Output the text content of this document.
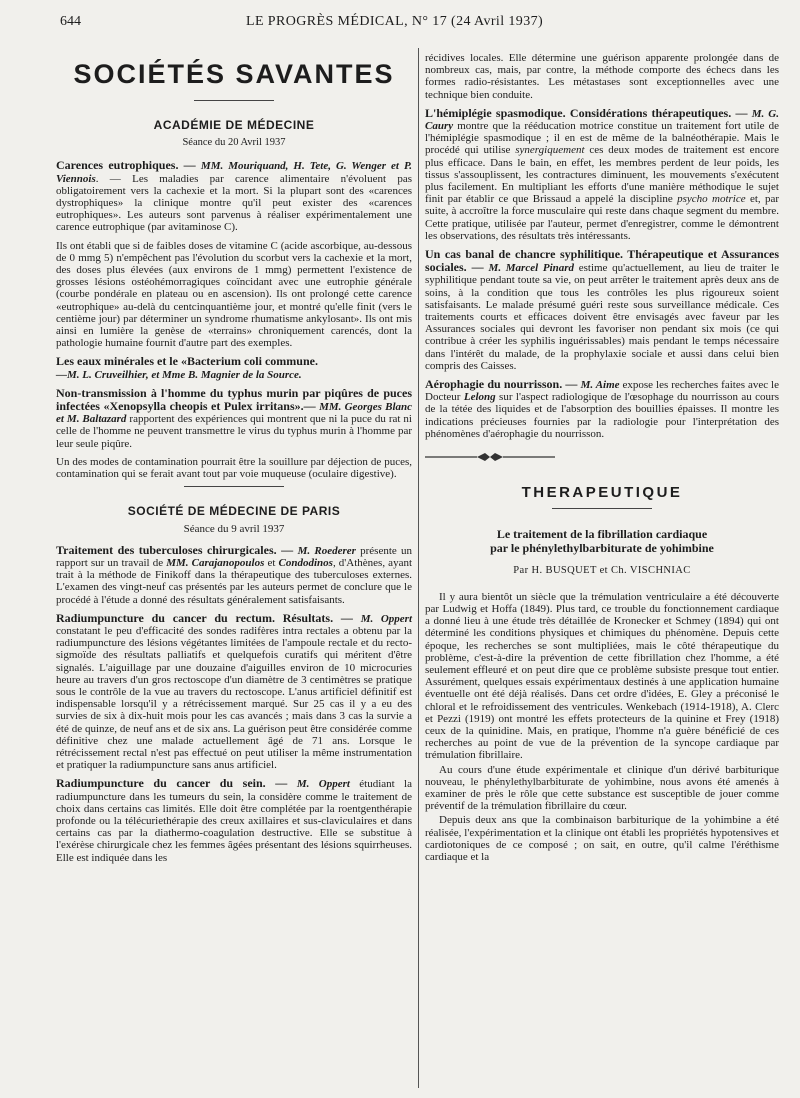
644	LE PROGRÈS MÉDICAL, N° 17 (24 Avril 1937)
SOCIÉTÉS SAVANTES
ACADÉMIE DE MÉDECINE
Séance du 20 Avril 1937

Carences eutrophiques. — MM. Mouriquand, H. Tete, G. Wenger et P. Viennois. — Les maladies par carence alimentaire n'évoluent pas obligatoirement vers la cachexie et la mort. Si la plupart sont des «carences dystrophiques» la clinique montre qu'il peut exister des «carences eutrophiques». Les auteurs sont parvenus à réaliser expérimentalement une carence eutrophique (par avitaminose C).

Ils ont établi que si de faibles doses de vitamine C (acide ascorbique, au-dessous de 0 mmg 5) n'empêchent pas l'évolution du scorbut vers la cachexie et la mort, des doses plus élevées (aux environs de 1 mmg) permettent l'existence de grosses lésions ostéohémorragiques coïncidant avec une eutrophie générale (courbe pondérale en plateau ou en ascension). Ils ont prolongé cette carence «eutrophique» au-delà du centcinquantième jour, et montré qu'elle finit (vers le centième jour) par déterminer un syndrome rhumatisme ankylosant». Ils ont mis ainsi en lumière la genèse de «terrains» chroniquement carencés, dont la pathologie humaine fournit d'autre part des exemples.

Les eaux minérales et le «Bacterium coli commune.
—M. L. Cruveilhier, et Mme B. Magnier de la Source.

Non-transmission à l'homme du typhus murin par piqûres de puces infectées «Xenopsylla cheopis et Pulex irritans».— MM. Georges Blanc et M. Baltazard rapportent des expériences qui montrent que ni la puce du rat ni celle de l'homme ne peuvent transmettre le virus du typhus murin à l'homme par leur seule piqûre.

Un des modes de contamination pourrait être la souillure par déjection de puces, contamination qui se ferait avant tout par voie muqueuse (oculaire digestive).

SOCIÉTÉ DE MÉDECINE DE PARIS
Séance du 9 avril 1937

Traitement des tuberculoses chirurgicales. — M. Roederer présente un rapport sur un travail de MM. Carajanopoulos et Condodinos, d'Athènes, ayant trait à la méthode de Finikoff dans la thérapeutique des tuberculoses externes. L'examen des vingt-neuf cas présentés par les auteurs permet de conclure que le procédé à l'étude a donné des résultats généralement satisfaisants.

Radiumpuncture du cancer du rectum. Résultats. — M. Oppert constatant le peu d'efficacité des sondes radifères intra rectales a obtenu par la radiumpuncture des lésions végétantes limitées de l'ampoule rectale et du recto-sigmoïde des résultats palliatifs et quelquefois curatifs qui méritent d'être signalés. L'aiguillage par une douzaine d'aiguilles environ de 10 microcuries heure au travers d'un gros rectoscope d'un diamètre de 3 centimètres se pratique sous le contrôle de la vue au travers du rectoscope. L'anus artificiel définitif est indispensable lorsqu'il y a rétrécissement marqué. Sur 25 cas il y a eu des survies de six à dix-huit mois pour les cas avancés ; mais dans 3 cas la survie a été de quinze, de neuf ans et de six ans. La guérison peut être considérée comme définitive chez une malade actuellement âgé de 71 ans. Lorsque le rétrécissement rectal n'est pas effectué on peut utiliser la même instrumentation et pratiquer la radiumpuncture sans anus artificiel.

Radiumpuncture du cancer du sein. — M. Oppert étudiant la radiumpuncture dans les tumeurs du sein, la considère comme le traitement de choix dans certains cas limités. Elle doit être complétée par la roentgenthérapie profonde ou la télécuriethérapie des creux axillaires et sus-claviculaires et dans certains cas par la diathermo-coagulation destructive. Elle se substitue à l'exérèse chirurgicale chez les femmes âgées présentant des lésions squirrheuses. Elle est indiquée dans les

récidives locales. Elle détermine une guérison apparente prolongée dans de nombreux cas, mais, par contre, la méthode comporte des échecs dans les formes radio-résistantes. Les métastases sont exceptionnelles avec une technique bien conduite.

L'hémiplégie spasmodique. Considérations thérapeutiques. — M. G. Caury montre que la rééducation motrice constitue un traitement fort utile de l'hémiplégie spasmodique ; il en est de même de la balnéothérapie. Mais le procédé qui utilise synergiquement ces deux modes de traitement est encore plus efficace. Dans le bain, en effet, les membres perdent de leur poids, les tissus s'assouplissent, les contractures diminuent, les mouvements s'exécutent plus facilement. En multipliant les efforts d'une manière méthodique le sujet finit par établir ce que Brissaud a appelé la discipline psycho motrice et, par suite, à accroître la force musculaire qui reste dans chaque segment du membre. Cette pratique, utilisée par l'auteur, permet d'enregistrer, comme le démontrent les observations, des résultats très intéressants.

Un cas banal de chancre syphilitique. Thérapeutique et Assurances sociales. — M. Marcel Pinard estime qu'actuellement, au lieu de traiter le syphilitique pendant toute sa vie, on peut arrêter le traitement après deux ans de soins, à la condition que tous les contrôles les plus rigoureux soient satisfaisants. Le malade présumé guéri reste sous surveillance médicale. Ces traitements courts et efficaces doivent être envisagés avec faveur par les Assurances sociales qui devront les favoriser non pendant six mois (ce qui contribue à créer les syphilis inguérissables) mais pendant le temps nécessaire dans l'intérêt du malade, de la prophylaxie sociale et aussi dans celui bien compris des Caisses.

Aérophagie du nourrisson. — M. Aime expose les recherches faites avec le Docteur Lelong sur l'aspect radiologique de l'œsophage du nourrisson au cours de la tétée des liquides et de l'absorption des bouillies épaisses. Il montre les indications précieuses fournies par la radiologie pour l'interprétation des phénomènes d'aérophagie du nourrisson.

THERAPEUTIQUE
Le traitement de la fibrillation cardiaque
par le phénylethylbarbiturate de yohimbine
Par H. BUSQUET et Ch. VISCHNIAC

Il y aura bientôt un siècle que la trémulation ventriculaire a été découverte par Ludwig et Hoffa (1849). Plus tard, ce trouble du fonctionnement cardiaque a donné lieu à une étude très détaillée de Kronecker et Schmey (1894) qui ont déterminé les conditions physiques et chimiques du phénomène. Depuis cette époque, les recherches se sont multipliées, mais le côté thérapeutique du problème, c'est-à-dire la prévention de cette fibrillation chez l'homme, a été seulement effleuré et on peut dire que ce problème subsiste presque tout entier. Assurément, quelques essais expérimentaux destinés à une application humaine éventuelle ont été déjà réalisés. Dans cet ordre d'idées, E. Gley a préconisé le chloral et le refroidissement des ventricules. Wenkebach (1914-1918), A. Clerc et Pezzi (1919) ont montré les effets protecteurs de la quinine et Frey (1918) ceux de la quinidine. Mais, en pratique, l'homme n'a guère bénéficié de ces recherches au point de vue de la prévention de la syncope cardiaque par trémulation fibrillaire.

Au cours d'une étude expérimentale et clinique d'un dérivé barbiturique nouveau, le phénylethylbarbiturate de yohimbine, nous avons été amenés à examiner de près le rôle que cette substance est susceptible de jouer comme préventif de la trémulation fibrillaire du cœur.

Depuis deux ans que la combinaison barbiturique de la yohimbine a été réalisée, l'expérimentation et la clinique ont établi les propriétés hypotensives et cardiotoniques de ce composé ; on sait, en outre, qu'il calme l'éréthisme cardiaque et la
